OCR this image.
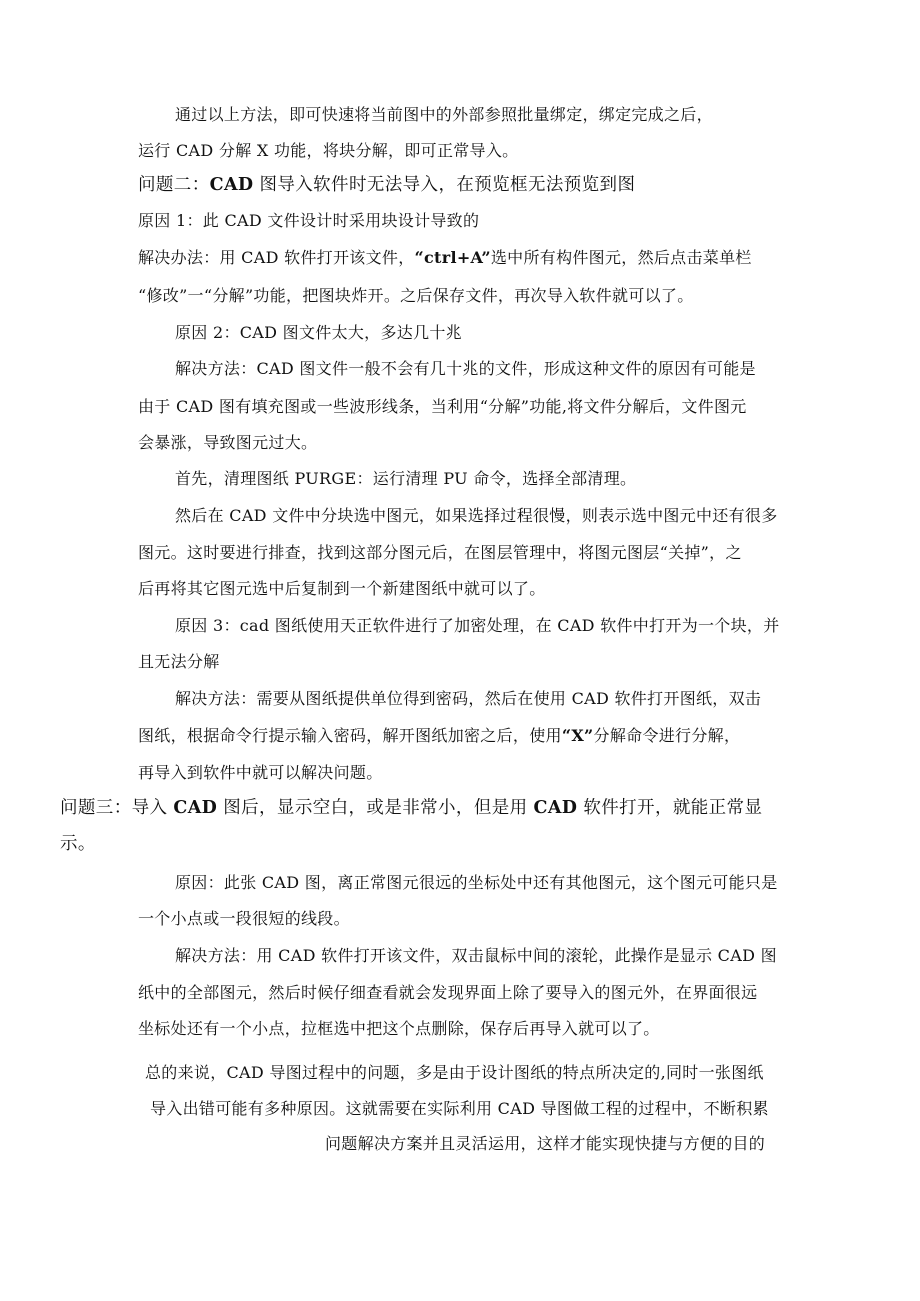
通过以上方法，即可快速将当前图中的外部参照批量绑定，绑定完成之后，
运行 CAD 分解 X 功能，将块分解，即可正常导入。
问题二：CAD 图导入软件时无法导入，在预览框无法预览到图
原因 1：此 CAD 文件设计时采用块设计导致的
解决办法：用 CAD 软件打开该文件，“ctrl+A”选中所有构件图元，然后点击菜单栏
“修改”一“分解”功能，把图块炸开。之后保存文件，再次导入软件就可以了。
原因 2：CAD 图文件太大，多达几十兆
解决方法：CAD 图文件一般不会有几十兆的文件，形成这种文件的原因有可能是
由于 CAD 图有填充图或一些波形线条，当利用“分解”功能,将文件分解后，文件图元
会暴涨，导致图元过大。
首先，清理图纸 PURGE：运行清理 PU 命令，选择全部清理。
然后在 CAD 文件中分块选中图元，如果选择过程很慢，则表示选中图元中还有很多
图元。这时要进行排查，找到这部分图元后，在图层管理中，将图元图层“关掉”，之
后再将其它图元选中后复制到一个新建图纸中就可以了。
原因 3：cad 图纸使用天正软件进行了加密处理，在 CAD 软件中打开为一个块，并
且无法分解
解决方法：需要从图纸提供单位得到密码，然后在使用 CAD 软件打开图纸，双击
图纸，根据命令行提示输入密码，解开图纸加密之后，使用“X”分解命令进行分解，
再导入到软件中就可以解决问题。
问题三：导入 CAD 图后，显示空白，或是非常小，但是用 CAD 软件打开，就能正常显
示。
原因：此张 CAD 图，离正常图元很远的坐标处中还有其他图元，这个图元可能只是
一个小点或一段很短的线段。
解决方法：用 CAD 软件打开该文件，双击鼠标中间的滚轮，此操作是显示 CAD 图
纸中的全部图元，然后时候仔细查看就会发现界面上除了要导入的图元外，在界面很远
坐标处还有一个小点，拉框选中把这个点删除，保存后再导入就可以了。
总的来说，CAD 导图过程中的问题，多是由于设计图纸的特点所决定的,同时一张图纸
导入出错可能有多种原因。这就需要在实际利用 CAD 导图做工程的过程中，不断积累
问题解决方案并且灵活运用，这样才能实现快捷与方便的目的
